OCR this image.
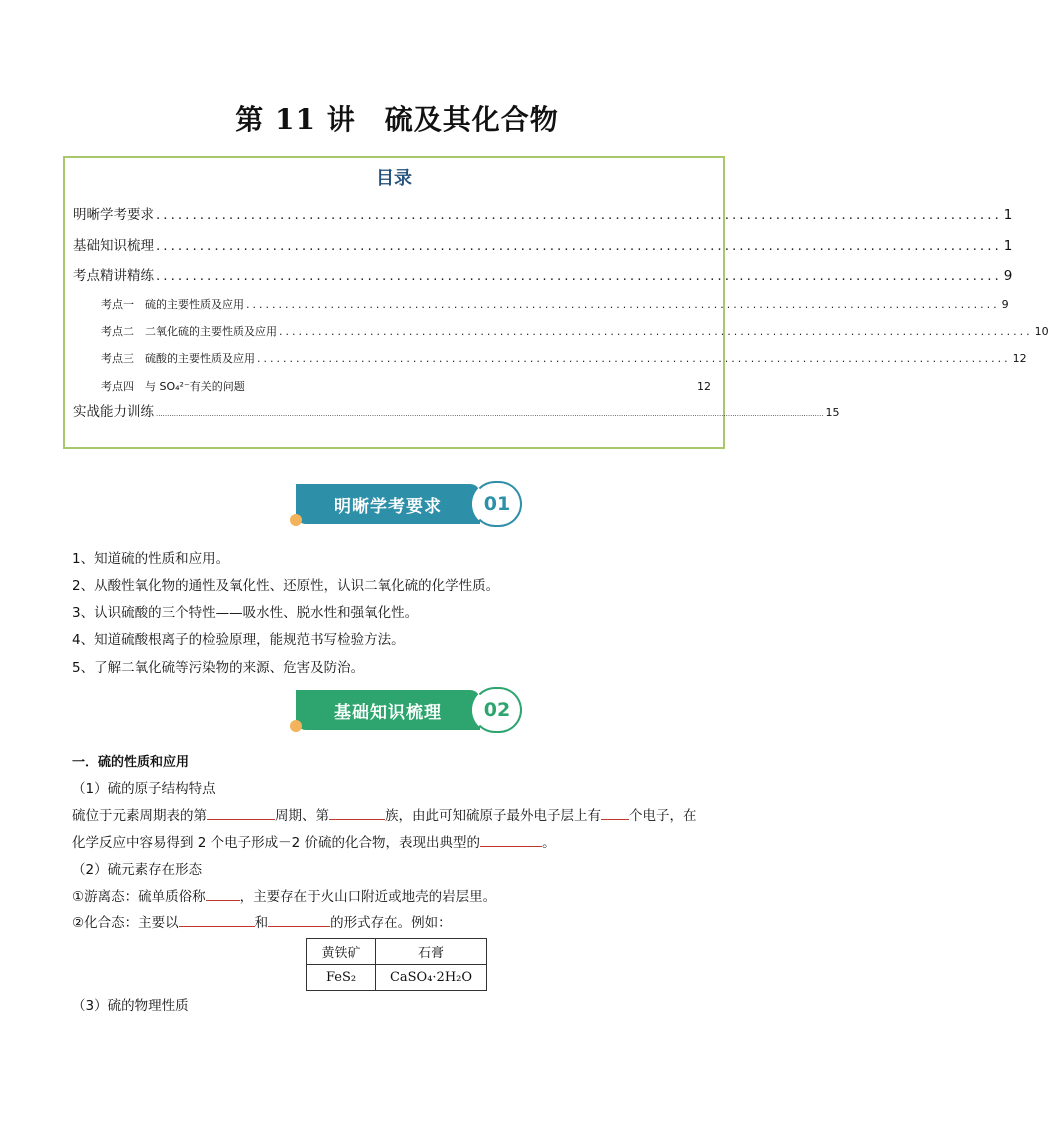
第 11 讲　硫及其化合物
目录
明晰学考要求 .................................................................................................................... 1
基础知识梳理 .................................................................................................................... 1
考点精讲精练 .................................................................................................................... 9
考点一　硫的主要性质及应用 .................................................................................................................... 9
考点二　二氧化硫的主要性质及应用 .................................................................................................................... 10
考点三　硫酸的主要性质及应用 .................................................................................................................... 12
考点四　与 SO₄²⁻有关的问题	12
实战能力训练 ............................................................................................................................................................................................................................................................................................................ 15
明晰学考要求	01
1、知道硫的性质和应用。
2、从酸性氧化物的通性及氧化性、还原性，认识二氧化硫的化学性质。
3、认识硫酸的三个特性——吸水性、脱水性和强氧化性。
4、知道硫酸根离子的检验原理，能规范书写检验方法。
5、了解二氧化硫等污染物的来源、危害及防治。
基础知识梳理	02
一．硫的性质和应用
（1）硫的原子结构特点
硫位于元素周期表的第	周期、第	族，由此可知硫原子最外电子层上有 个电子，在
化学反应中容易得到 2 个电子形成－2 价硫的化合物，表现出典型的	。
（2）硫元素存在形态
①游离态：硫单质俗称	，主要存在于火山口附近或地壳的岩层里。
②化合态：主要以	和	的形式存在。例如：
黄铁矿	石膏
FeS₂	CaSO₄·2H₂O
（3）硫的物理性质
